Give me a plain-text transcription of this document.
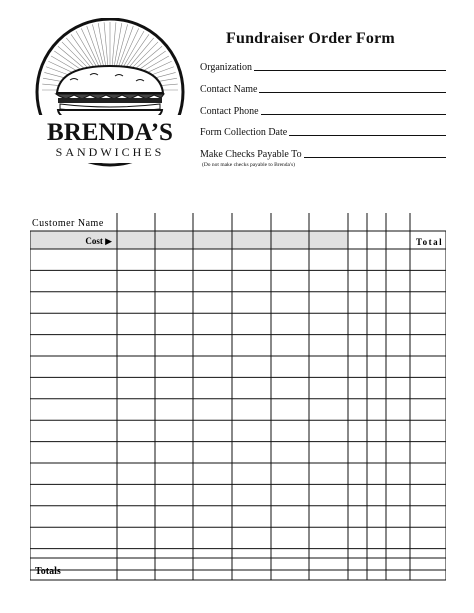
BRENDA’S
SANDWICHES
Fundraiser Order Form
Organization
Contact Name
Contact Phone
Form Collection Date
Make Checks Payable To
(Do not make checks payable to Brenda's)
Customer Name
Cost ▶	Total
Totals
